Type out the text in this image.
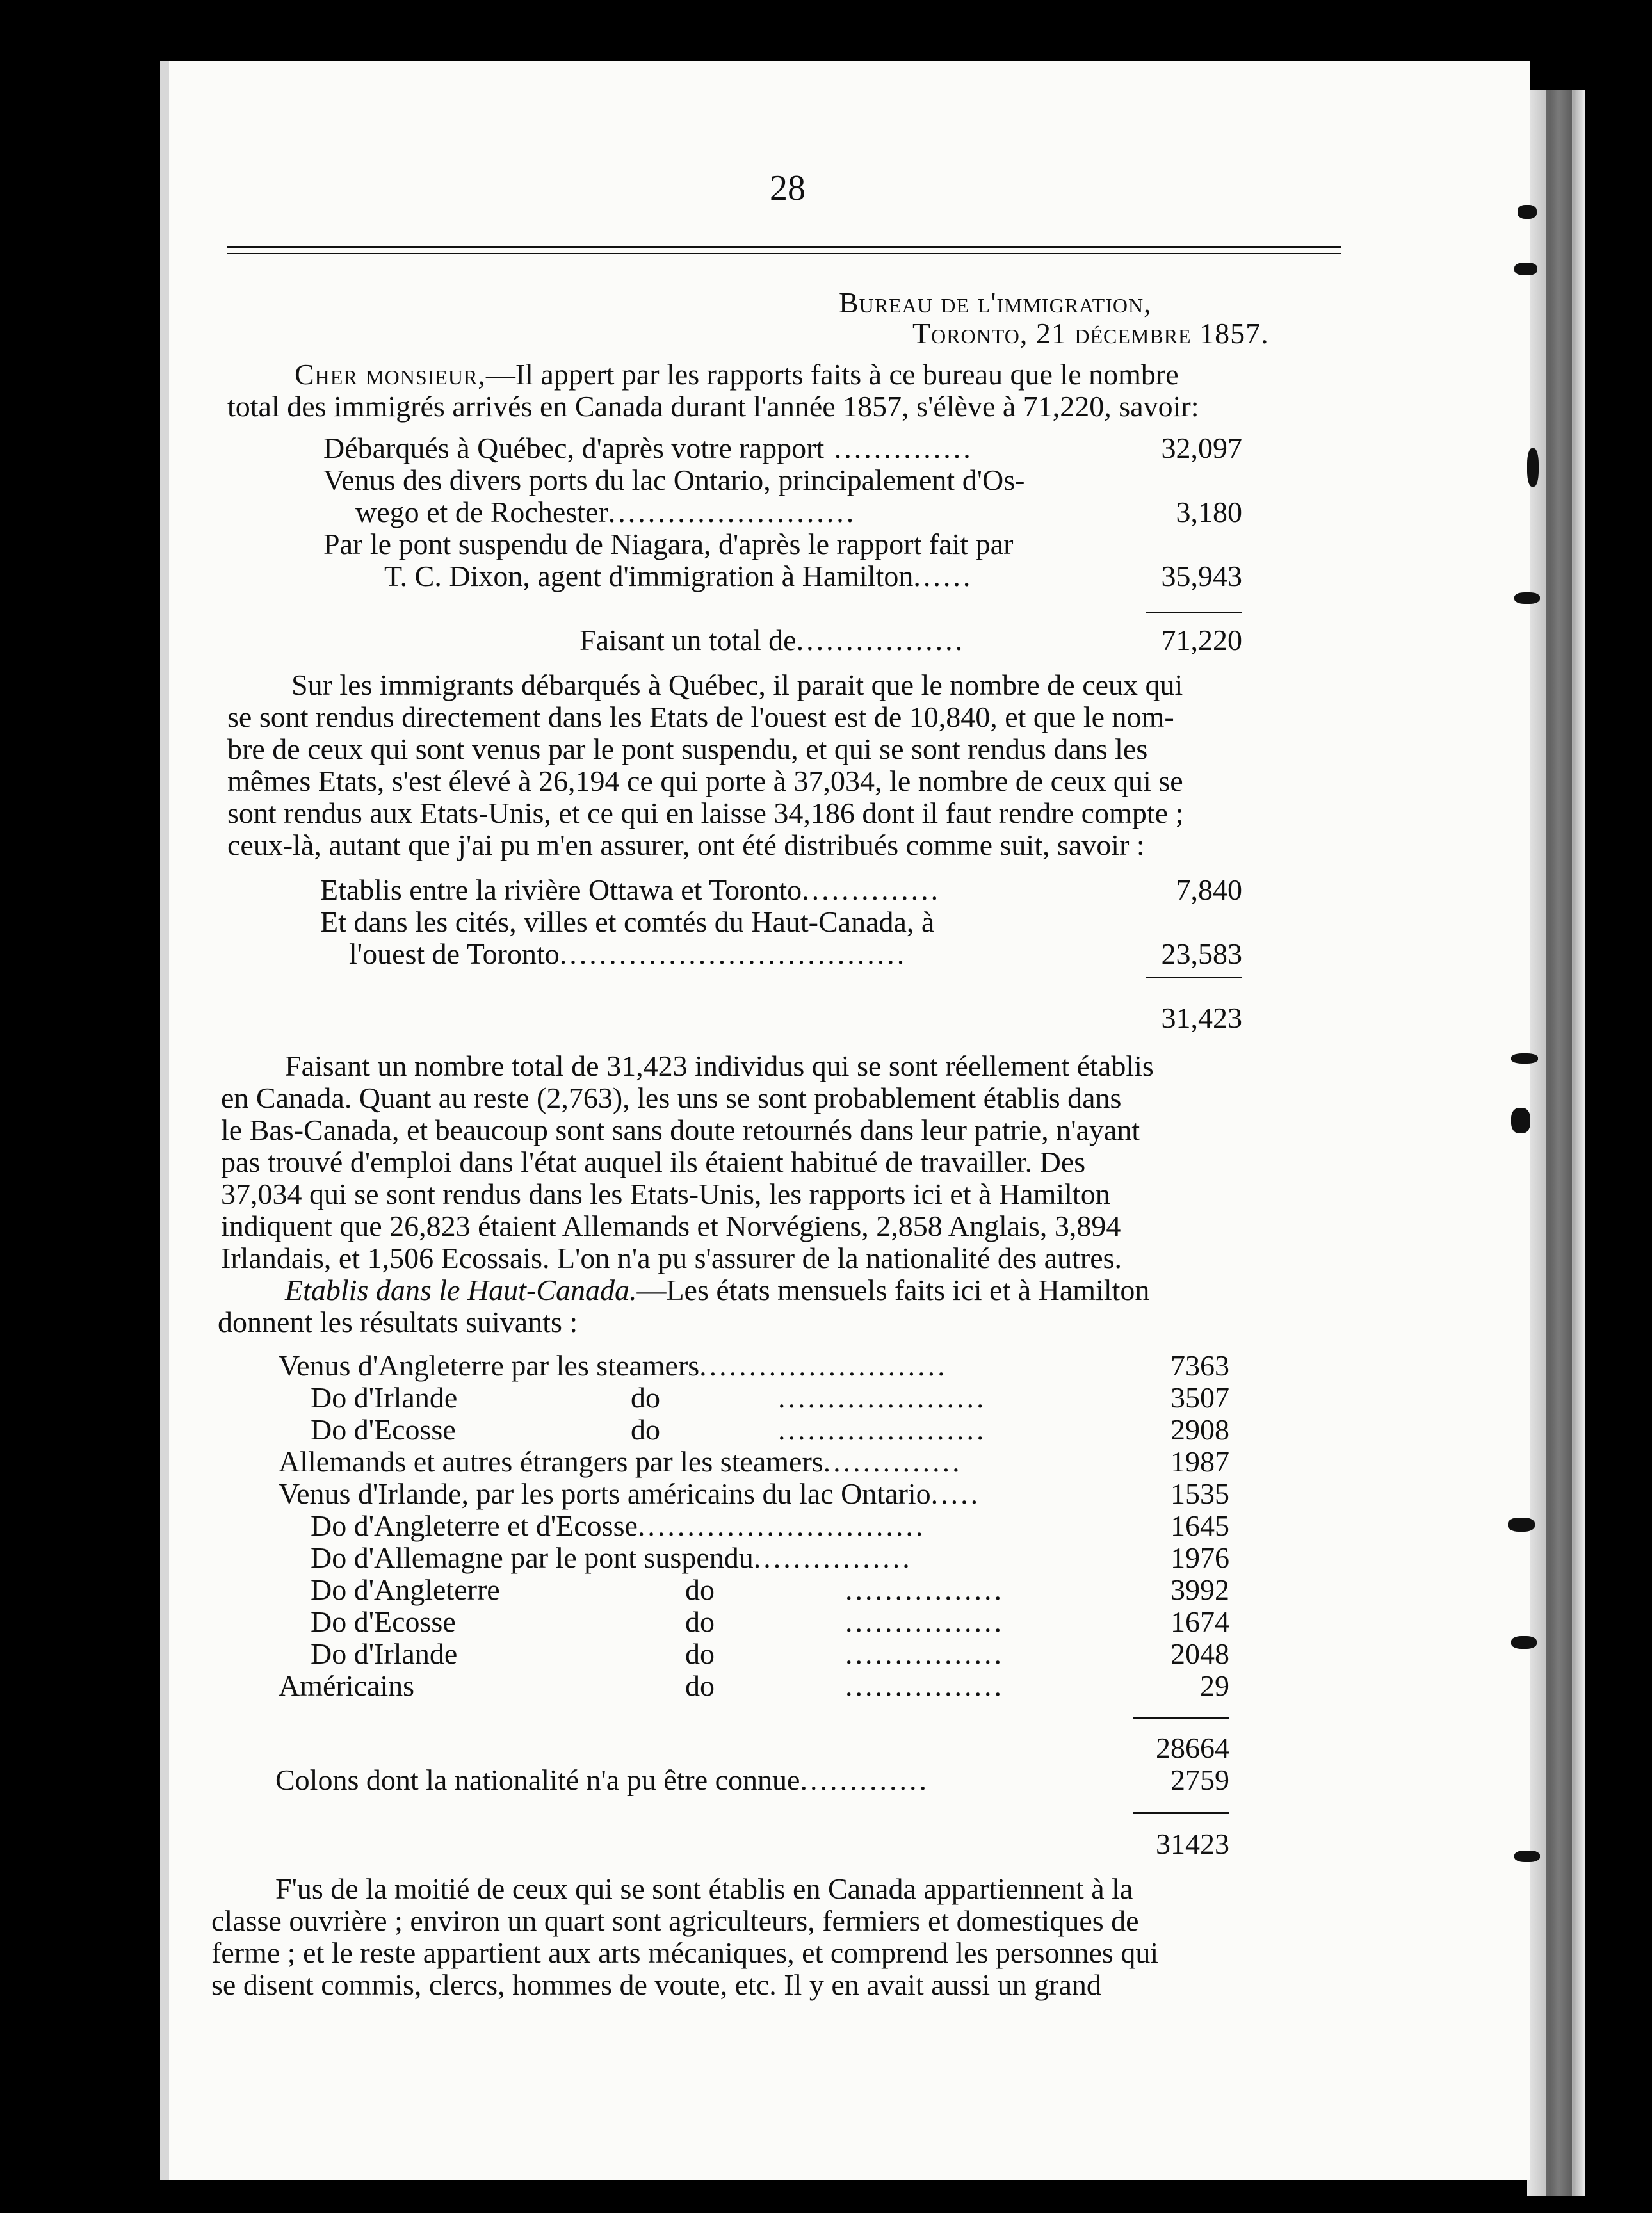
28
Bureau de l'immigration,
Toronto, 21 décembre 1857.
Cher monsieur,—Il appert par les rapports faits à ce bureau que le nombre
total des immigrés arrivés en Canada durant l'année 1857, s'élève à 71,220, savoir:
Débarqués à Québec, d'après votre rapport ..............	32,097
Venus des divers ports du lac Ontario, principalement d'Os-
wego et de Rochester.........................	3,180
Par le pont suspendu de Niagara, d'après le rapport fait par
T. C. Dixon, agent d'immigration à Hamilton......	35,943
Faisant un total de.................	71,220
Sur les immigrants débarqués à Québec, il parait que le nombre de ceux qui
se sont rendus directement dans les Etats de l'ouest est de 10,840, et que le nom-
bre de ceux qui sont venus par le pont suspendu, et qui se sont rendus dans les
mêmes Etats, s'est élevé à 26,194 ce qui porte à 37,034, le nombre de ceux qui se
sont rendus aux Etats-Unis, et ce qui en laisse 34,186 dont il faut rendre compte ;
ceux-là, autant que j'ai pu m'en assurer, ont été distribués comme suit, savoir :
Etablis entre la rivière Ottawa et Toronto..............	7,840
Et dans les cités, villes et comtés du Haut-Canada, à
l'ouest de Toronto...................................	23,583
31,423
Faisant un nombre total de 31,423 individus qui se sont réellement établis
en Canada. Quant au reste (2,763), les uns se sont probablement établis dans
le Bas-Canada, et beaucoup sont sans doute retournés dans leur patrie, n'ayant
pas trouvé d'emploi dans l'état auquel ils étaient habitué de travailler. Des
37,034 qui se sont rendus dans les Etats-Unis, les rapports ici et à Hamilton
indiquent que 26,823 étaient Allemands et Norvégiens, 2,858 Anglais, 3,894
Irlandais, et 1,506 Ecossais. L'on n'a pu s'assurer de la nationalité des autres.
Etablis dans le Haut-Canada.—Les états mensuels faits ici et à Hamilton
donnent les résultats suivants :
Venus d'Angleterre par les steamers.........................	7363
Do d'Irlande	do	.....................	3507
Do d'Ecosse	do	.....................	2908
Allemands et autres étrangers par les steamers..............	1987
Venus d'Irlande, par les ports américains du lac Ontario.....	1535
Do d'Angleterre et d'Ecosse.............................	1645
Do d'Allemagne par le pont suspendu................	1976
Do d'Angleterre	do	................	3992
Do d'Ecosse	do	................	1674
Do d'Irlande	do	................	2048
Américains	do	................	29
28664
Colons dont la nationalité n'a pu être connue.............	2759
31423
F'us de la moitié de ceux qui se sont établis en Canada appartiennent à la
classe ouvrière ; environ un quart sont agriculteurs, fermiers et domestiques de
ferme ; et le reste appartient aux arts mécaniques, et comprend les personnes qui
se disent commis, clercs, hommes de voute, etc. Il y en avait aussi un grand
